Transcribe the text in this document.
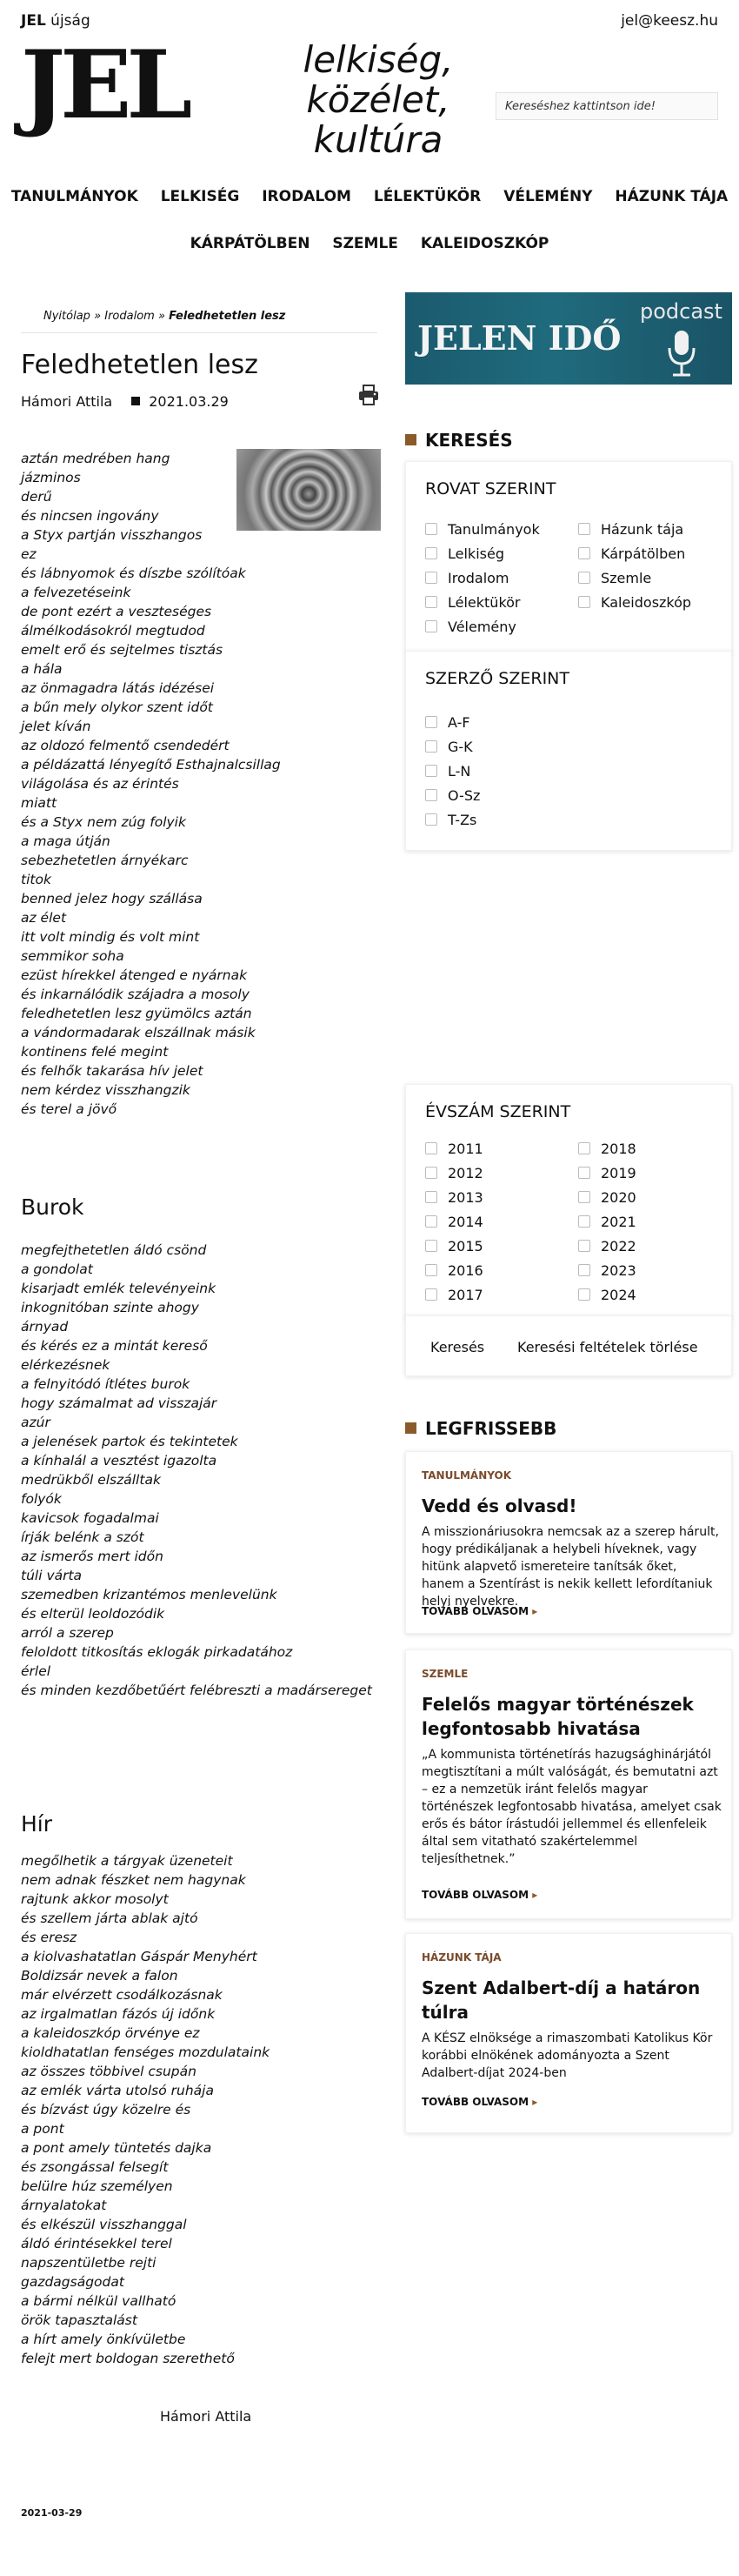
JEL újság	jel@keesz.hu
JEL	lelkiség,
közélet,
kultúra
Kereséshez kattintson ide!
TANULMÁNYOK LELKISÉG IRODALOM LÉLEKTÜKÖR VÉLEMÉNY HÁZUNK TÁJA
KÁRPÁTÖLBEN SZEMLE KALEIDOSZKÓP
Nyitólap » Irodalom » Feledhetetlen lesz
Feledhetetlen lesz
Hámori Attila	2021.03.29
aztán medrében hang
jázminos
derű
és nincsen ingovány
a Styx partján visszhangos
ez
és lábnyomok és díszbe szólítóak
a felvezetéseink
de pont ezért a veszteséges
álmélkodásokról megtudod
emelt erő és sejtelmes tisztás
a hála
az önmagadra látás idézései
a bűn mely olykor szent időt
jelet kíván
az oldozó felmentő csendedért
a példázattá lényegítő Esthajnalcsillag
világolása és az érintés
miatt
és a Styx nem zúg folyik
a maga útján
sebezhetetlen árnyékarc
titok
benned jelez hogy szállása
az élet
itt volt mindig és volt mint
semmikor soha
ezüst hírekkel átenged e nyárnak
és inkarnálódik szájadra a mosoly
feledhetetlen lesz gyümölcs aztán
a vándormadarak elszállnak másik
kontinens felé megint
és felhők takarása hív jelet
nem kérdez visszhangzik
és terel a jövő
Burok
megfejthetetlen áldó csönd
a gondolat
kisarjadt emlék televényeink
inkognitóban szinte ahogy
árnyad
és kérés ez a mintát kereső
elérkezésnek
a felnyitódó ítlétes burok
hogy számalmat ad visszajár
azúr
a jelenések partok és tekintetek
a kínhalál a vesztést igazolta
medrükből elszálltak
folyók
kavicsok fogadalmai
írják belénk a szót
az ismerős mert időn
túli várta
szemedben krizantémos menlevelünk
és elterül leoldozódik
arról a szerep
feloldott titkosítás eklogák pirkadatához
érlel
és minden kezdőbetűért felébreszti a madársereget
Hír
megőlhetik a tárgyak üzeneteit
nem adnak fészket nem hagynak
rajtunk akkor mosolyt
és szellem járta ablak ajtó
és eresz
a kiolvashatatlan Gáspár Menyhért
Boldizsár nevek a falon
már elvérzett csodálkozásnak
az irgalmatlan fázós új időnk
a kaleidoszkóp örvénye ez
kioldhatatlan fenséges mozdulataink
az összes többivel csupán
az emlék várta utolsó ruhája
és bízvást úgy közelre és
a pont
a pont amely tüntetés dajka
és zsongással felsegít
belülre húz személyen
árnyalatokat
és elkészül visszhanggal
áldó érintésekkel terel
napszentületbe rejti
gazdagságodat
a bármi nélkül vallható
örök tapasztalást
a hírt amely önkívületbe
felejt mert boldogan szerethető
Hámori Attila
2021-03-29
JELEN IDŐ
podcast
KERESÉS
ROVAT SZERINT
Tanulmányok
Lelkiség
Irodalom
Lélektükör
Vélemény
Házunk tája
Kárpátölben
Szemle
Kaleidoszkóp
SZERZŐ SZERINT
A-F
G-K
L-N
O-Sz
T-Zs
ÉVSZÁM SZERINT
2011
2012
2013
2014
2015
2016
2017
2018
2019
2020
2021
2022
2023
2024
Keresés Keresési feltételek törlése
LEGFRISSEBB
TANULMÁNYOK
Vedd és olvasd!
A misszionáriusokra nemcsak az a szerep hárult, hogy prédikáljanak a helybeli híveknek, vagy hitünk alapvető ismereteire tanítsák őket, hanem a Szentírást is nekik kellett lefordítaniuk helyi nyelvekre.
TOVÁBB OLVASOM ▸
SZEMLE
Felelős magyar történészek legfontosabb hivatása
„A kommunista történetírás hazugsághinárjától megtisztítani a múlt valóságát, és bemutatni azt – ez a nemzetük iránt felelős magyar történészek legfontosabb hivatása, amelyet csak erős és bátor írástudói jellemmel és ellenfeleik által sem vitatható szakértelemmel teljesíthetnek.”
TOVÁBB OLVASOM ▸
HÁZUNK TÁJA
Szent Adalbert-díj a határon túlra
A KÉSZ elnöksége a rimaszombati Katolikus Kör korábbi elnökének adományozta a Szent Adalbert-díjat 2024-ben
TOVÁBB OLVASOM ▸
